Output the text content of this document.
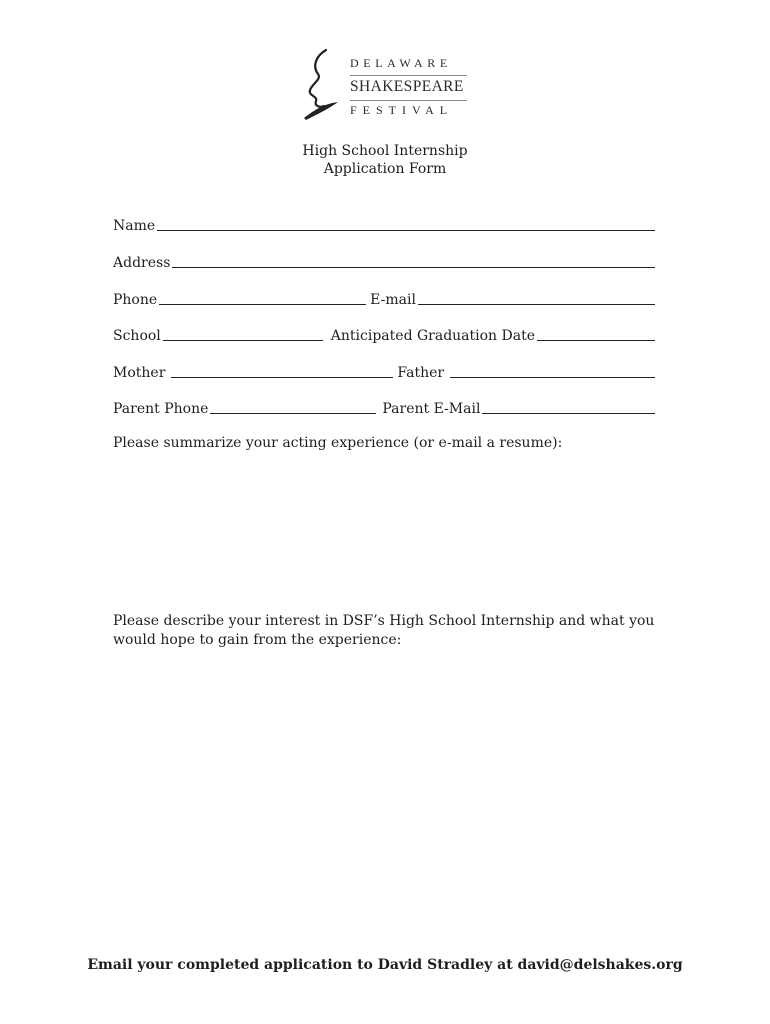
DELAWARE
SHAKESPEARE
FESTIVAL
High School Internship
Application Form
Name
Address
Phone	E-mail
School	Anticipated Graduation Date
Mother	Father
Parent Phone	Parent E-Mail
Please summarize your acting experience (or e-mail a resume):
Please describe your interest in DSF’s High School Internship and what you would hope to gain from the experience:
Email your completed application to David Stradley at david@delshakes.org
